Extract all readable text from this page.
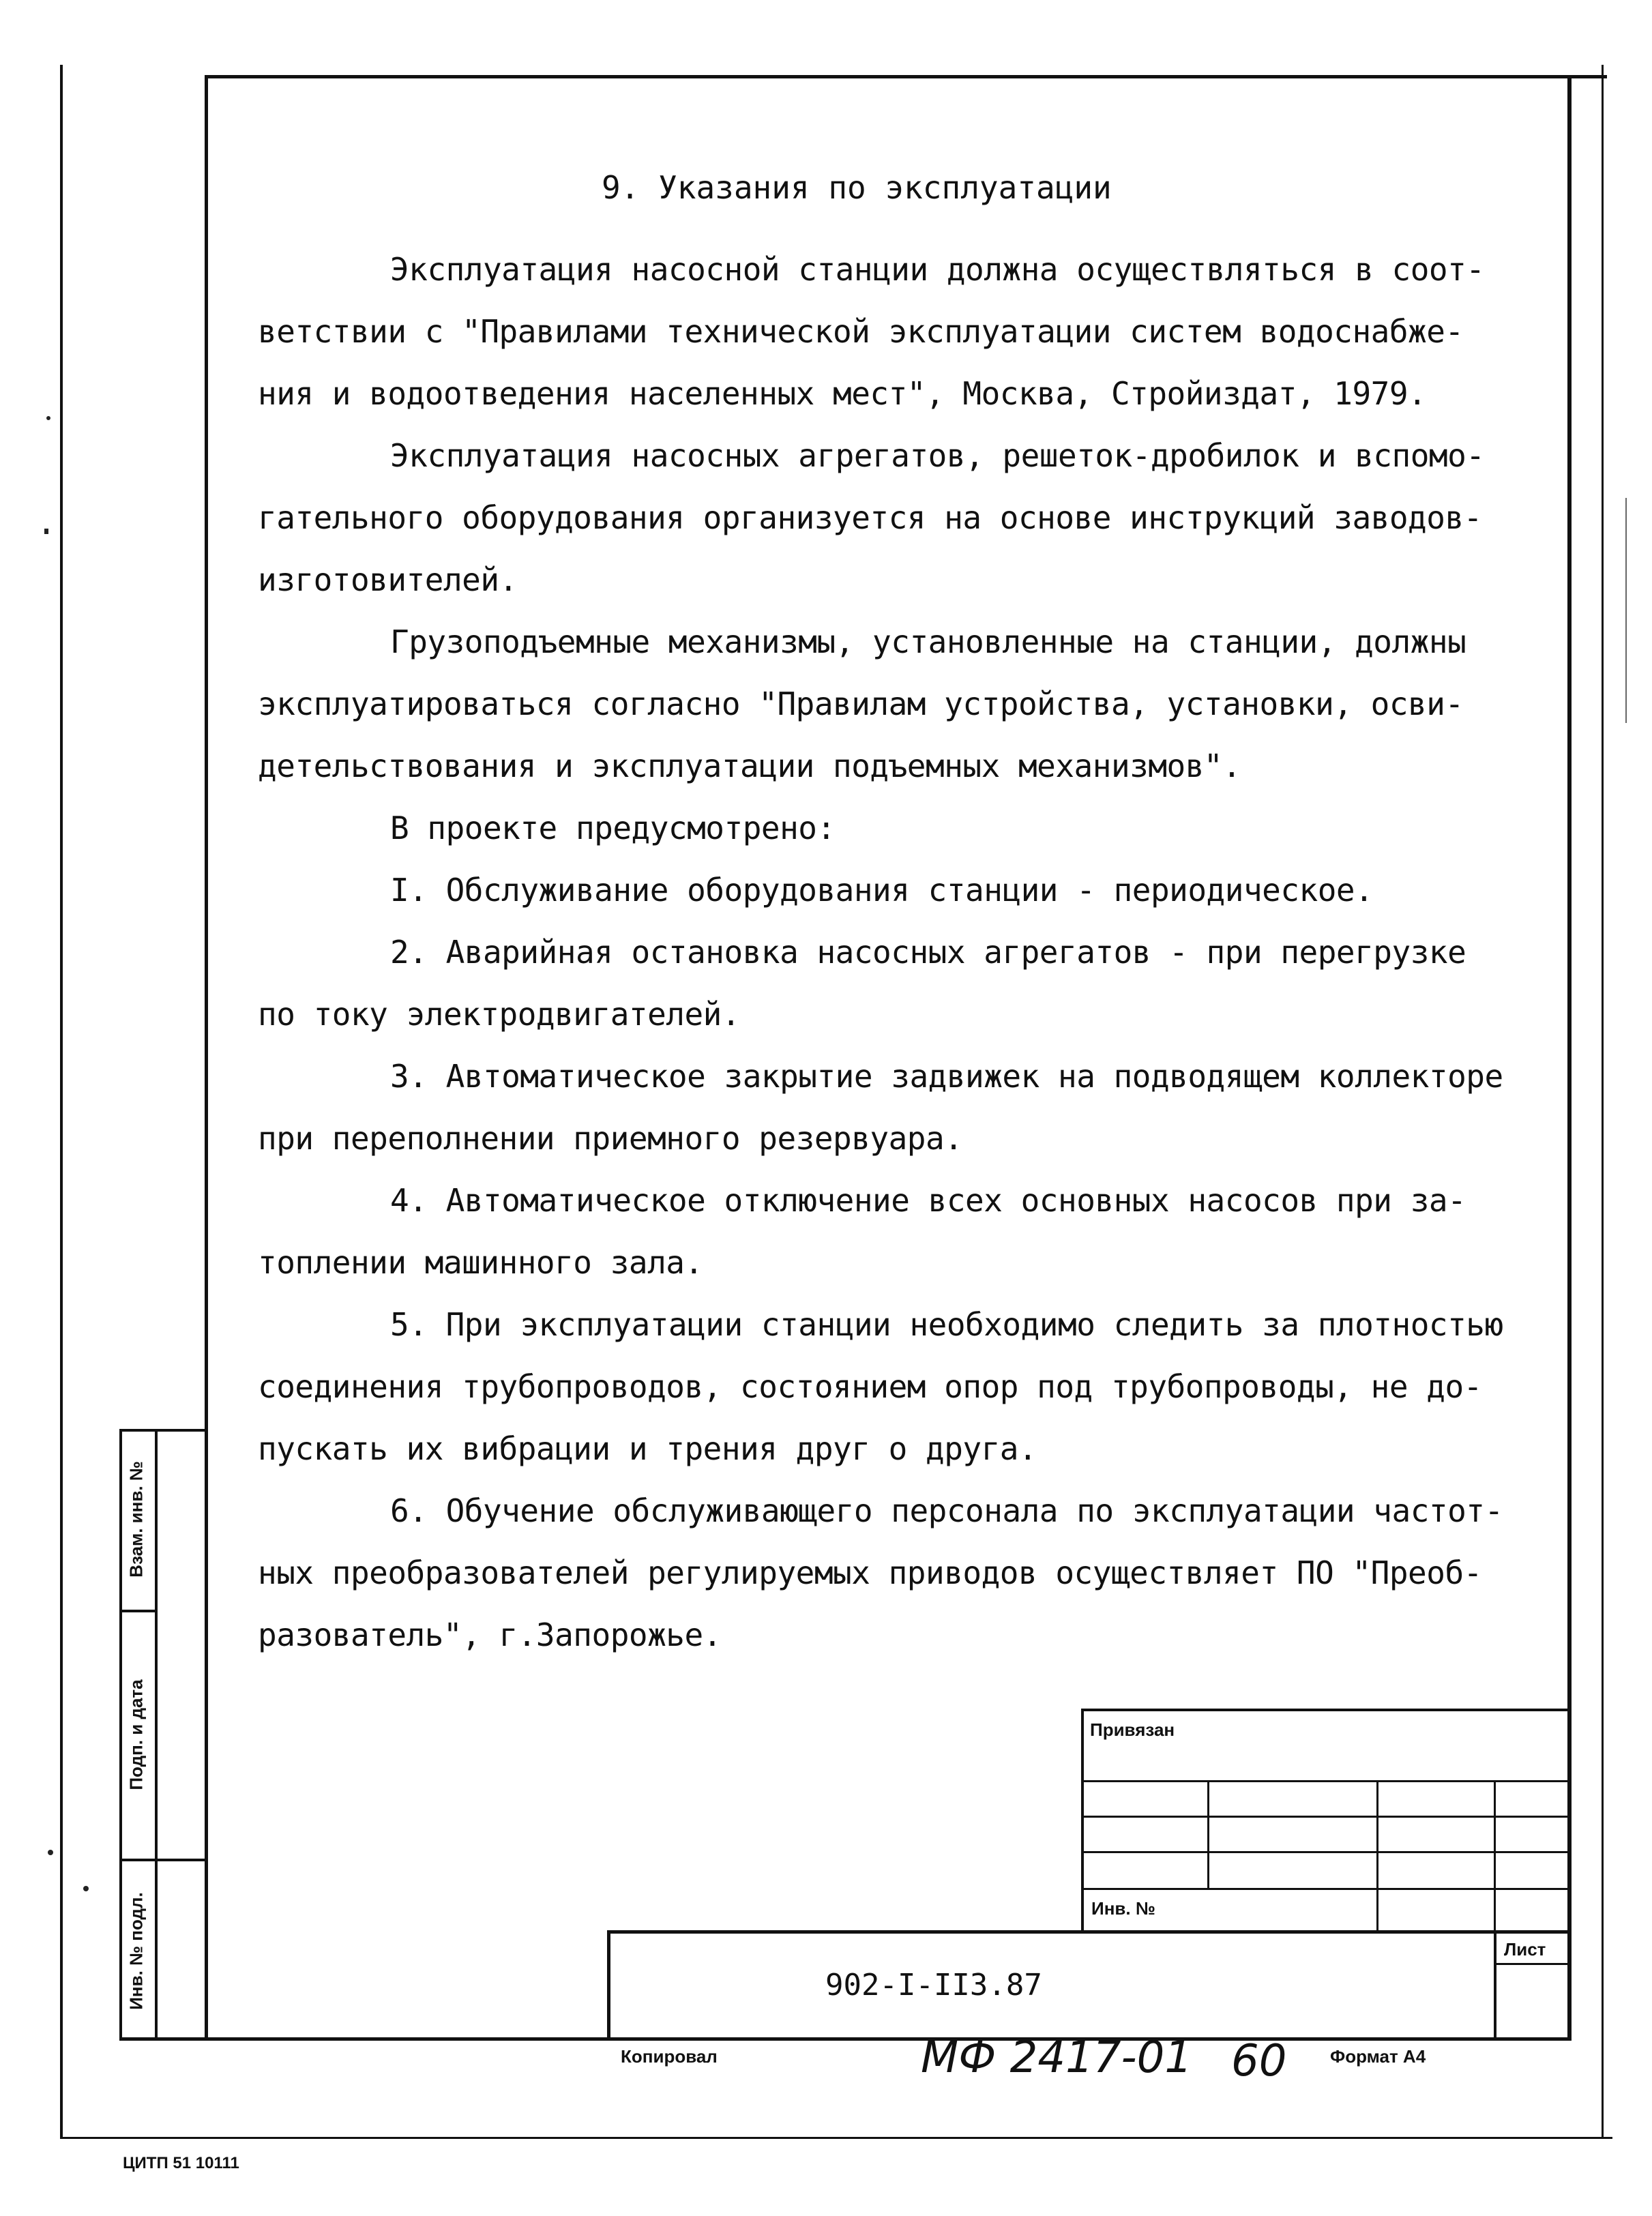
9. Указания по эксплуатации
Эксплуатация насосной станции должна осуществляться в соот-
ветствии с "Правилами технической эксплуатации систем водоснабже-
ния и водоотведения населенных мест", Москва, Стройиздат, 1979.
Эксплуатация насосных агрегатов, решеток-дробилок и вспомо-
гательного оборудования организуется на основе инструкций заводов-
изготовителей.
Грузоподъемные механизмы, установленные на станции, должны
эксплуатироваться согласно "Правилам устройства, установки, осви-
детельствования и эксплуатации подъемных механизмов".
В проекте предусмотрено:
I. Обслуживание оборудования станции - периодическое.
2. Аварийная остановка насосных агрегатов - при перегрузке
по току электродвигателей.
3. Автоматическое закрытие задвижек на подводящем коллекторе
при переполнении приемного резервуара.
4. Автоматическое отключение всех основных насосов при за-
топлении машинного зала.
5. При эксплуатации станции необходимо следить за плотностью
соединения трубопроводов, состоянием опор под трубопроводы, не до-
пускать их вибрации и трения друг о друга.
6. Обучение обслуживающего персонала по эксплуатации частот-
ных преобразователей регулируемых приводов осуществляет ПО "Преоб-
разователь", г.Запорожье.
Взам. инв. №
Подп. и дата
Инв. № подл.
Привязан
Инв. №
Лист
902-I-II3.87
Копировал	МФ 2417-01 60 Формат А4
ЦИТП 51 10111
